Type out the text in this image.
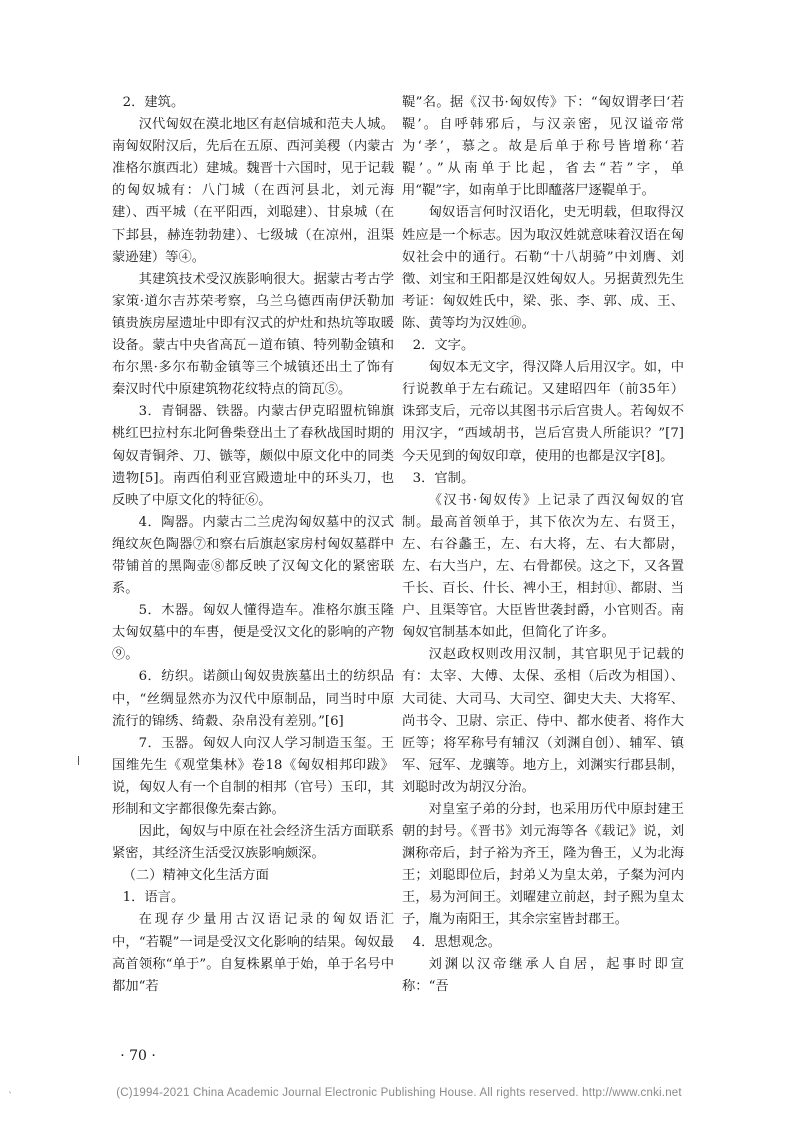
2．建筑。

汉代匈奴在漠北地区有赵信城和范夫人城。南匈奴附汉后，先后在五原、西河美稷（内蒙古准格尔旗西北）建城。魏晋十六国时，见于记载的匈奴城有：八门城（在西河县北，刘元海建）、西平城（在平阳西，刘聪建）、甘泉城（在下邽县，赫连勃勃建）、七级城（在凉州，沮渠蒙逊建）等④。

其建筑技术受汉族影响很大。据蒙古考古学家策·道尔吉苏荣考察，乌兰乌德西南伊沃勒加镇贵族房屋遗址中即有汉式的炉灶和热坑等取暖设备。蒙古中央省高瓦－道布镇、特列勒金镇和布尔黑·多尔布勒金镇等三个城镇还出土了饰有秦汉时代中原建筑物花纹特点的筒瓦⑤。

3．青铜器、铁器。内蒙古伊克昭盟杭锦旗桃红巴拉村东北阿鲁柴登出土了春秋战国时期的匈奴青铜斧、刀、镞等，颇似中原文化中的同类遗物[5]。南西伯利亚宫殿遗址中的环头刀，也反映了中原文化的特征⑥。

4．陶器。内蒙古二兰虎沟匈奴墓中的汉式绳纹灰色陶器⑦和察右后旗赵家房村匈奴墓群中带铺首的黑陶壶⑧都反映了汉匈文化的紧密联系。

5．木器。匈奴人懂得造车。准格尔旗玉隆太匈奴墓中的车軎，便是受汉文化的影响的产物⑨。

6．纺织。诺颜山匈奴贵族墓出土的纺织品中，“丝绸显然亦为汉代中原制品，同当时中原流行的锦绣、绮縠、杂帛没有差别。”[6]

7．玉器。匈奴人向汉人学习制造玉玺。王国维先生《观堂集林》卷18《匈奴相邦印跋》说，匈奴人有一个自制的相邦（官号）玉印，其形制和文字都很像先秦古鉨。

因此，匈奴与中原在社会经济生活方面联系紧密，其经济生活受汉族影响颇深。

（二）精神文化生活方面

1．语言。

在现存少量用古汉语记录的匈奴语汇中，“若鞮”一词是受汉文化影响的结果。匈奴最高首领称“单于”。自复株累单于始，单于名号中都加“若

鞮”名。据《汉书·匈奴传》下：“匈奴谓孝曰‘若鞮’。自呼韩邪后，与汉亲密，见汉谥帝常为‘孝’，慕之。故是后单于称号皆增称‘若鞮’。”从南单于比起，省去“若”字，单用“鞮”字，如南单于比即醯落尸逐鞮单于。

匈奴语言何时汉语化，史无明载，但取得汉姓应是一个标志。因为取汉姓就意味着汉语在匈奴社会中的通行。石勒“十八胡骑”中刘膺、刘徵、刘宝和王阳都是汉姓匈奴人。另据黄烈先生考证：匈奴姓氏中，梁、张、李、郭、成、王、陈、黄等均为汉姓⑩。

2．文字。

匈奴本无文字，得汉降人后用汉字。如，中行说教单于左右疏记。又建昭四年（前35年）诛郅支后，元帝以其图书示后宫贵人。若匈奴不用汉字，“西域胡书，岂后宫贵人所能识？”[7]今天见到的匈奴印章，使用的也都是汉字[8]。

3．官制。

《汉书·匈奴传》上记录了西汉匈奴的官制。最高首领单于，其下依次为左、右贤王，左、右谷蠡王，左、右大将，左、右大都尉，左、右大当户，左、右骨都侯。这之下，又各置千长、百长、什长、裨小王，相封⑪、都尉、当户、且渠等官。大臣皆世袭封爵，小官则否。南匈奴官制基本如此，但简化了许多。

汉赵政权则改用汉制，其官职见于记载的有：太宰、大傅、太保、丞相（后改为相国）、大司徒、大司马、大司空、御史大夫、大将军、尚书令、卫尉、宗正、侍中、都水使者、将作大匠等；将军称号有辅汉（刘渊自创）、辅军、镇军、冠军、龙骧等。地方上，刘渊实行郡县制，刘聪时改为胡汉分治。

对皇室子弟的分封，也采用历代中原封建王朝的封号。《晋书》刘元海等各《载记》说，刘渊称帝后，封子裕为齐王，隆为鲁王，乂为北海王；刘聪即位后，封弟乂为皇太弟，子粲为河内王，易为河间王。刘曜建立前赵，封子熙为皇太子，胤为南阳王，其余宗室皆封郡王。

4．思想观念。

刘渊以汉帝继承人自居，起事时即宣称：“吾

· 70 ·
(C)1994-2021 China Academic Journal Electronic Publishing House. All rights reserved. http://www.cnki.net
`
